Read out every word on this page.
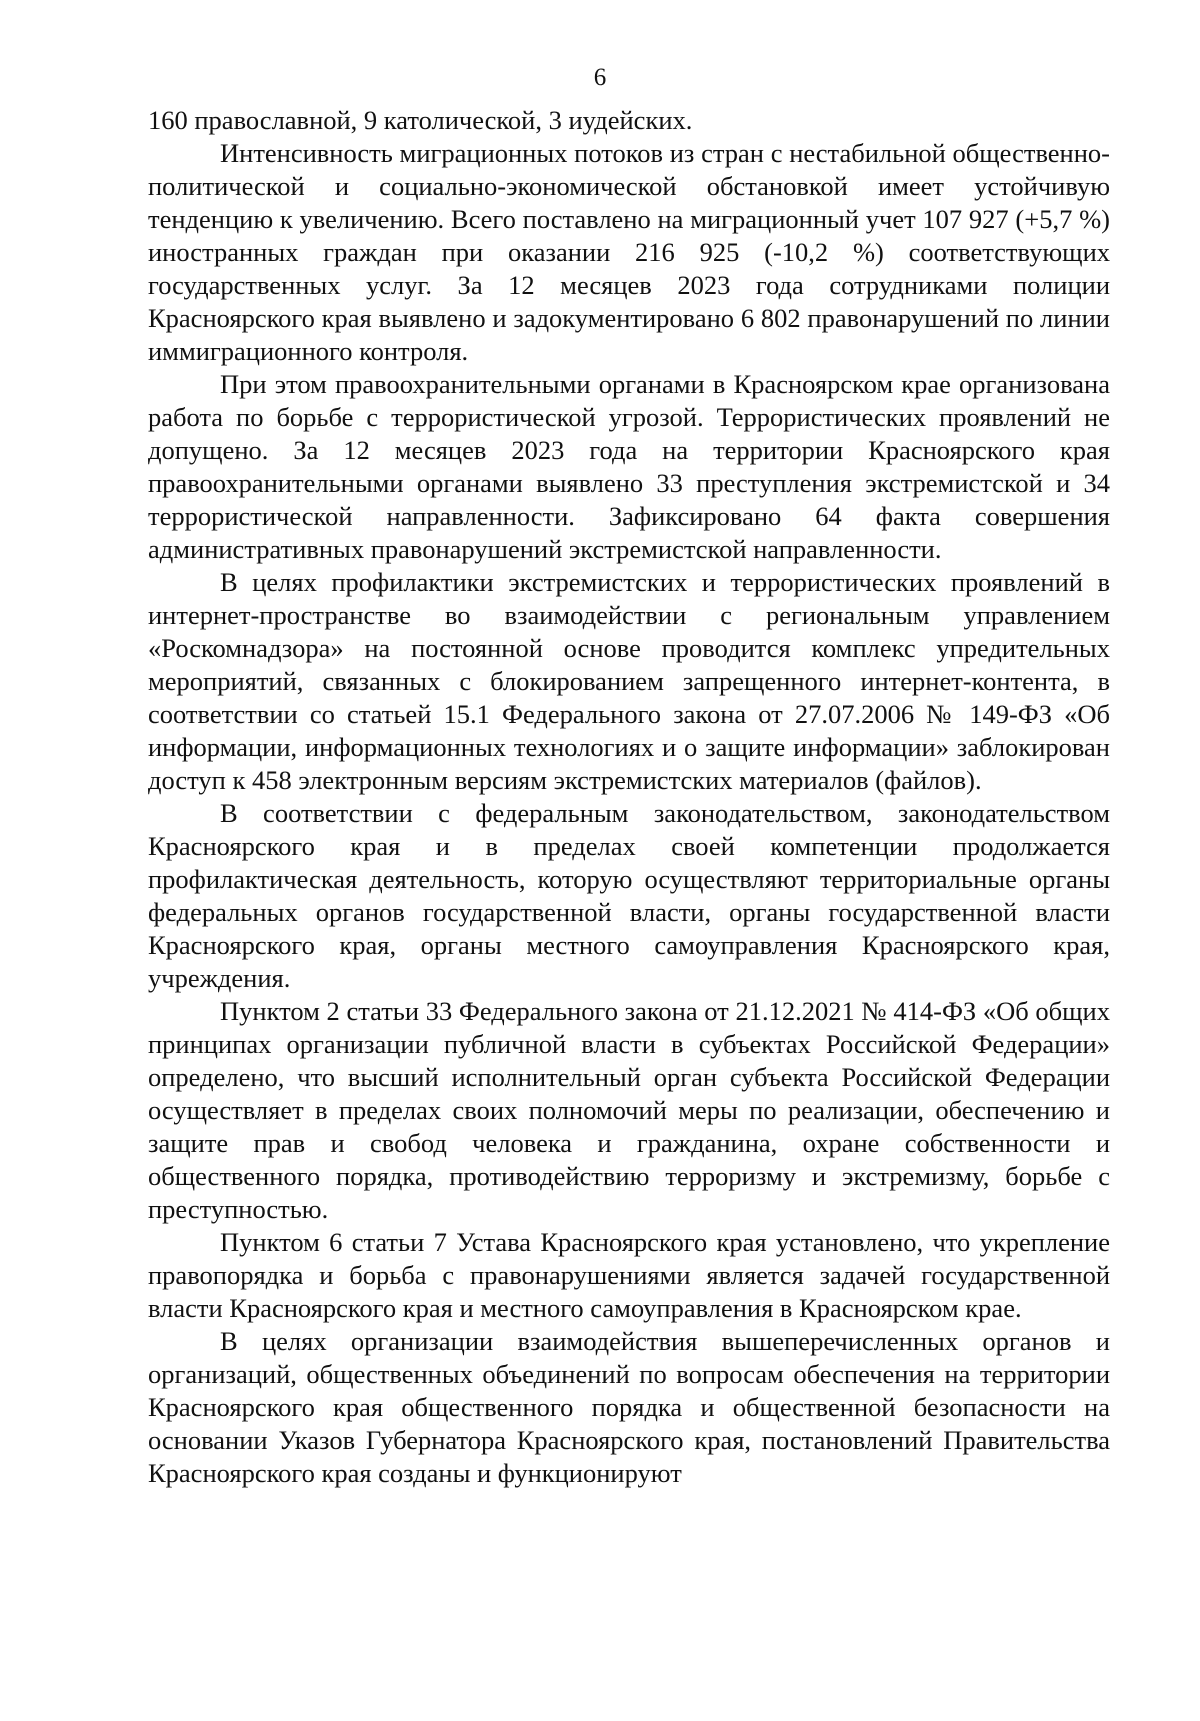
6

160 православной, 9 католической, 3 иудейских.

Интенсивность миграционных потоков из стран с нестабильной общественно-политической и социально-экономической обстановкой имеет устойчивую тенденцию к увеличению. Всего поставлено на миграционный учет 107 927 (+5,7 %) иностранных граждан при оказании 216 925 (-10,2 %) соответствующих государственных услуг. За 12 месяцев 2023 года сотрудниками полиции Красноярского края выявлено и задокументировано 6 802 правонарушений по линии иммиграционного контроля.

При этом правоохранительными органами в Красноярском крае организована работа по борьбе с террористической угрозой. Террористических проявлений не допущено. За 12 месяцев 2023 года на территории Красноярского края правоохранительными органами выявлено 33 преступления экстремистской и 34 террористической направленности. Зафиксировано 64 факта совершения административных правонарушений экстремистской направленности.

В целях профилактики экстремистских и террористических проявлений в интернет-пространстве во взаимодействии с региональным управлением «Роскомнадзора» на постоянной основе проводится комплекс упредительных мероприятий, связанных с блокированием запрещенного интернет-контента, в соответствии со статьей 15.1 Федерального закона от 27.07.2006 № 149-ФЗ «Об информации, информационных технологиях и о защите информации» заблокирован доступ к 458 электронным версиям экстремистских материалов (файлов).

В соответствии с федеральным законодательством, законодательством Красноярского края и в пределах своей компетенции продолжается профилактическая деятельность, которую осуществляют территориальные органы федеральных органов государственной власти, органы государственной власти Красноярского края, органы местного самоуправления Красноярского края, учреждения.

Пунктом 2 статьи 33 Федерального закона от 21.12.2021 № 414-ФЗ «Об общих принципах организации публичной власти в субъектах Российской Федерации» определено, что высший исполнительный орган субъекта Российской Федерации осуществляет в пределах своих полномочий меры по реализации, обеспечению и защите прав и свобод человека и гражданина, охране собственности и общественного порядка, противодействию терроризму и экстремизму, борьбе с преступностью.

Пунктом 6 статьи 7 Устава Красноярского края установлено, что укрепление правопорядка и борьба с правонарушениями является задачей государственной власти Красноярского края и местного самоуправления в Красноярском крае.

В целях организации взаимодействия вышеперечисленных органов и организаций, общественных объединений по вопросам обеспечения на территории Красноярского края общественного порядка и общественной безопасности на основании Указов Губернатора Красноярского края, постановлений Правительства Красноярского края созданы и функционируют
